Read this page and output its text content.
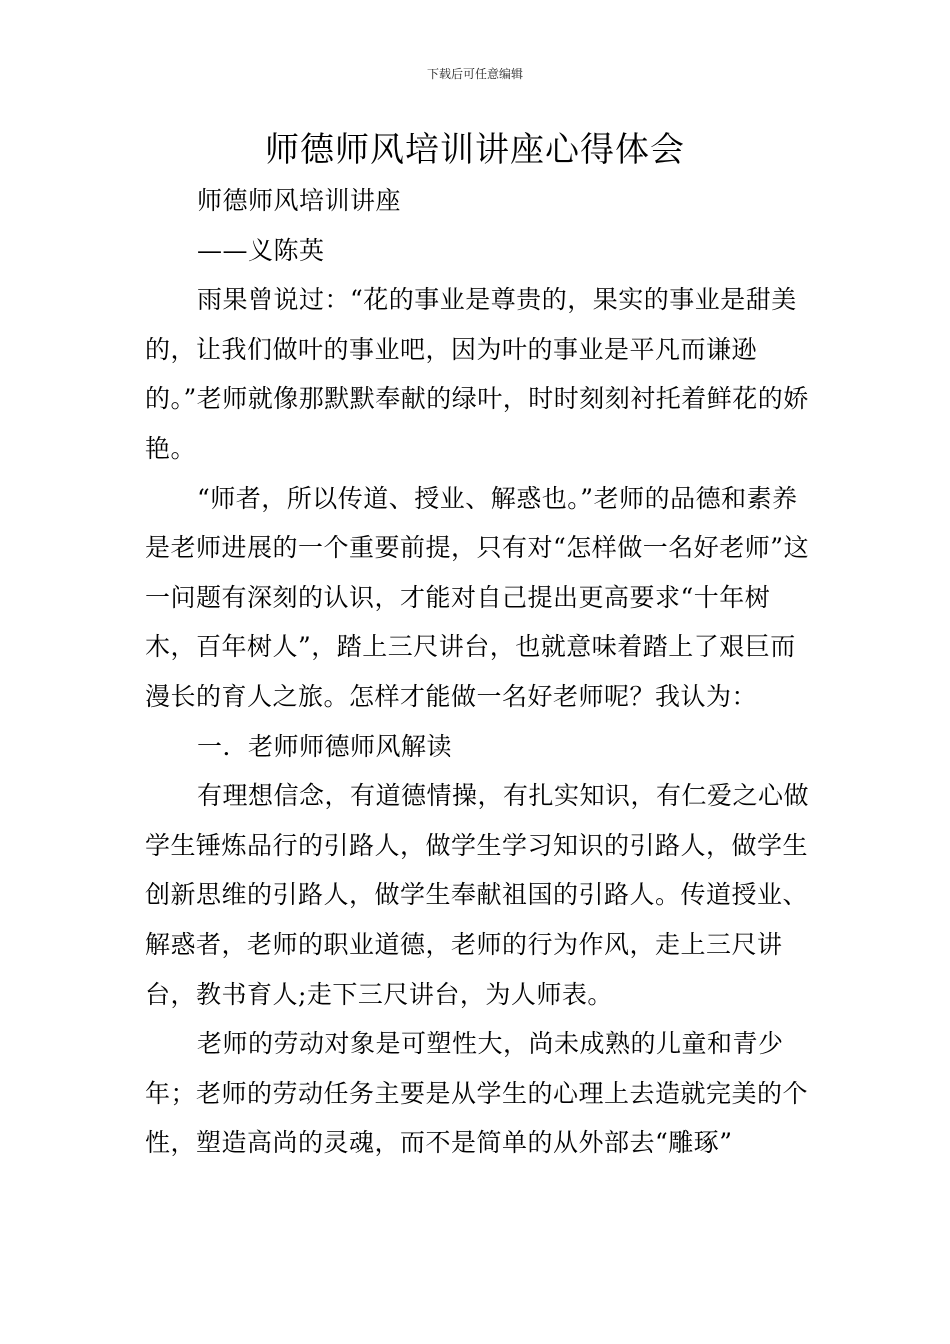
下载后可任意编辑
师德师风培训讲座心得体会

师德师风培训讲座

——义陈英

雨果曾说过：“花的事业是尊贵的，果实的事业是甜美的，让我们做叶的事业吧，因为叶的事业是平凡而谦逊的。”老师就像那默默奉献的绿叶，时时刻刻衬托着鲜花的娇艳。

“师者，所以传道、授业、解惑也。”老师的品德和素养是老师进展的一个重要前提，只有对“怎样做一名好老师”这一问题有深刻的认识，才能对自己提出更高要求“十年树木，百年树人”，踏上三尺讲台，也就意味着踏上了艰巨而漫长的育人之旅。怎样才能做一名好老师呢？我认为：

一．老师师德师风解读

有理想信念，有道德情操，有扎实知识，有仁爱之心做学生锤炼品行的引路人，做学生学习知识的引路人，做学生创新思维的引路人，做学生奉献祖国的引路人。传道授业、解惑者，老师的职业道德，老师的行为作风，走上三尺讲台，教书育人;走下三尺讲台，为人师表。

老师的劳动对象是可塑性大，尚未成熟的儿童和青少年；老师的劳动任务主要是从学生的心理上去造就完美的个性，塑造高尚的灵魂，而不是简单的从外部去“雕琢”
